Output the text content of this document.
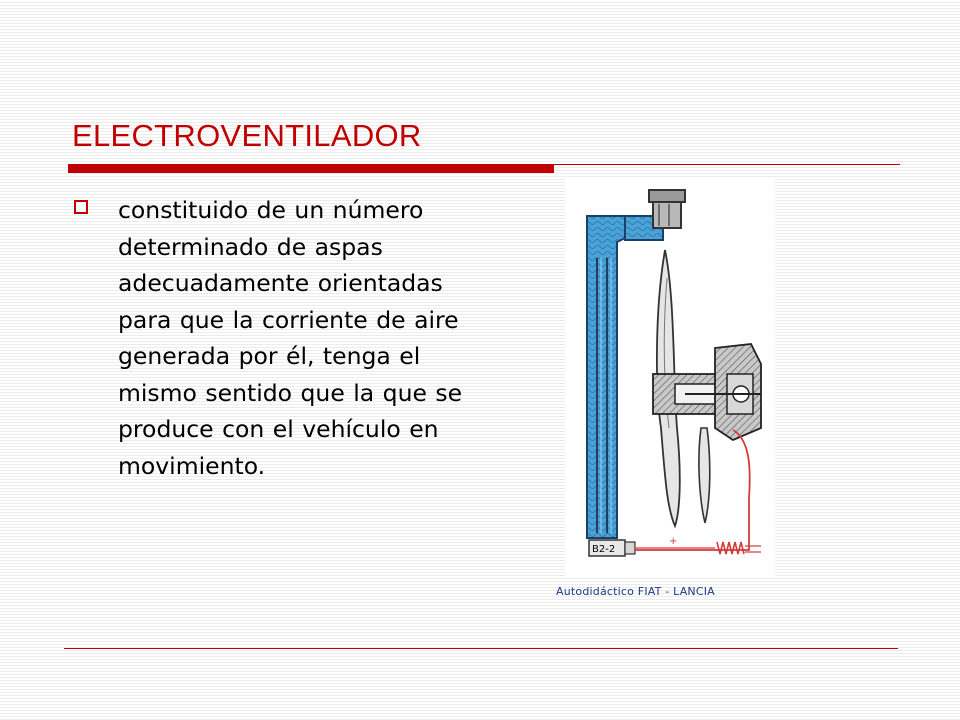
ELECTROVENTILADOR

constituido de un número determinado de aspas adecuadamente orientadas para que la corriente de aire generada por él, tenga el mismo sentido que la que se produce con el vehículo en movimiento.

B2-2
+
Autodidáctico FIAT - LANCIA
